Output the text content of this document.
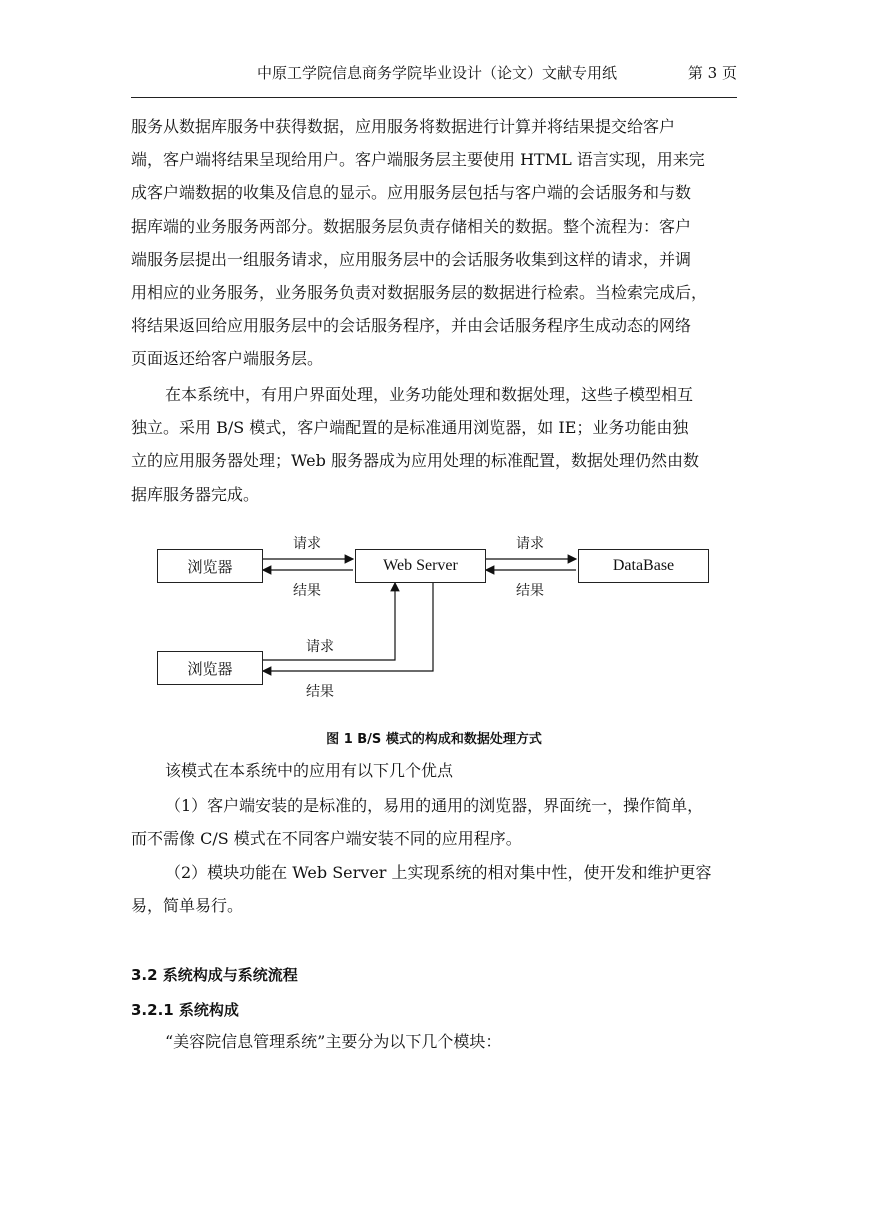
中原工学院信息商务学院毕业设计（论文）文献专用纸	第 3 页

服务从数据库服务中获得数据，应用服务将数据进行计算并将结果提交给客户
端，客户端将结果呈现给用户。客户端服务层主要使用 HTML 语言实现，用来完
成客户端数据的收集及信息的显示。应用服务层包括与客户端的会话服务和与数
据库端的业务服务两部分。数据服务层负责存储相关的数据。整个流程为：客户
端服务层提出一组服务请求，应用服务层中的会话服务收集到这样的请求，并调
用相应的业务服务，业务服务负责对数据服务层的数据进行检索。当检索完成后，
将结果返回给应用服务层中的会话服务程序，并由会话服务程序生成动态的网络
页面返还给客户端服务层。

在本系统中，有用户界面处理，业务功能处理和数据处理，这些子模型相互
独立。采用 B/S 模式，客户端配置的是标准通用浏览器，如 IE；业务功能由独
立的应用服务器处理；Web 服务器成为应用处理的标准配置，数据处理仍然由数
据库服务器完成。

浏览器	Web Server	DataBase
浏览器
请求
结果
请求
结果
请求
结果
图 1 B/S 模式的构成和数据处理方式

该模式在本系统中的应用有以下几个优点

（1）客户端安装的是标准的，易用的通用的浏览器，界面统一，操作简单，
而不需像 C/S 模式在不同客户端安装不同的应用程序。

（2）模块功能在 Web Server 上实现系统的相对集中性，使开发和维护更容
易，简单易行。

3.2 系统构成与系统流程
3.2.1 系统构成

“美容院信息管理系统”主要分为以下几个模块：
